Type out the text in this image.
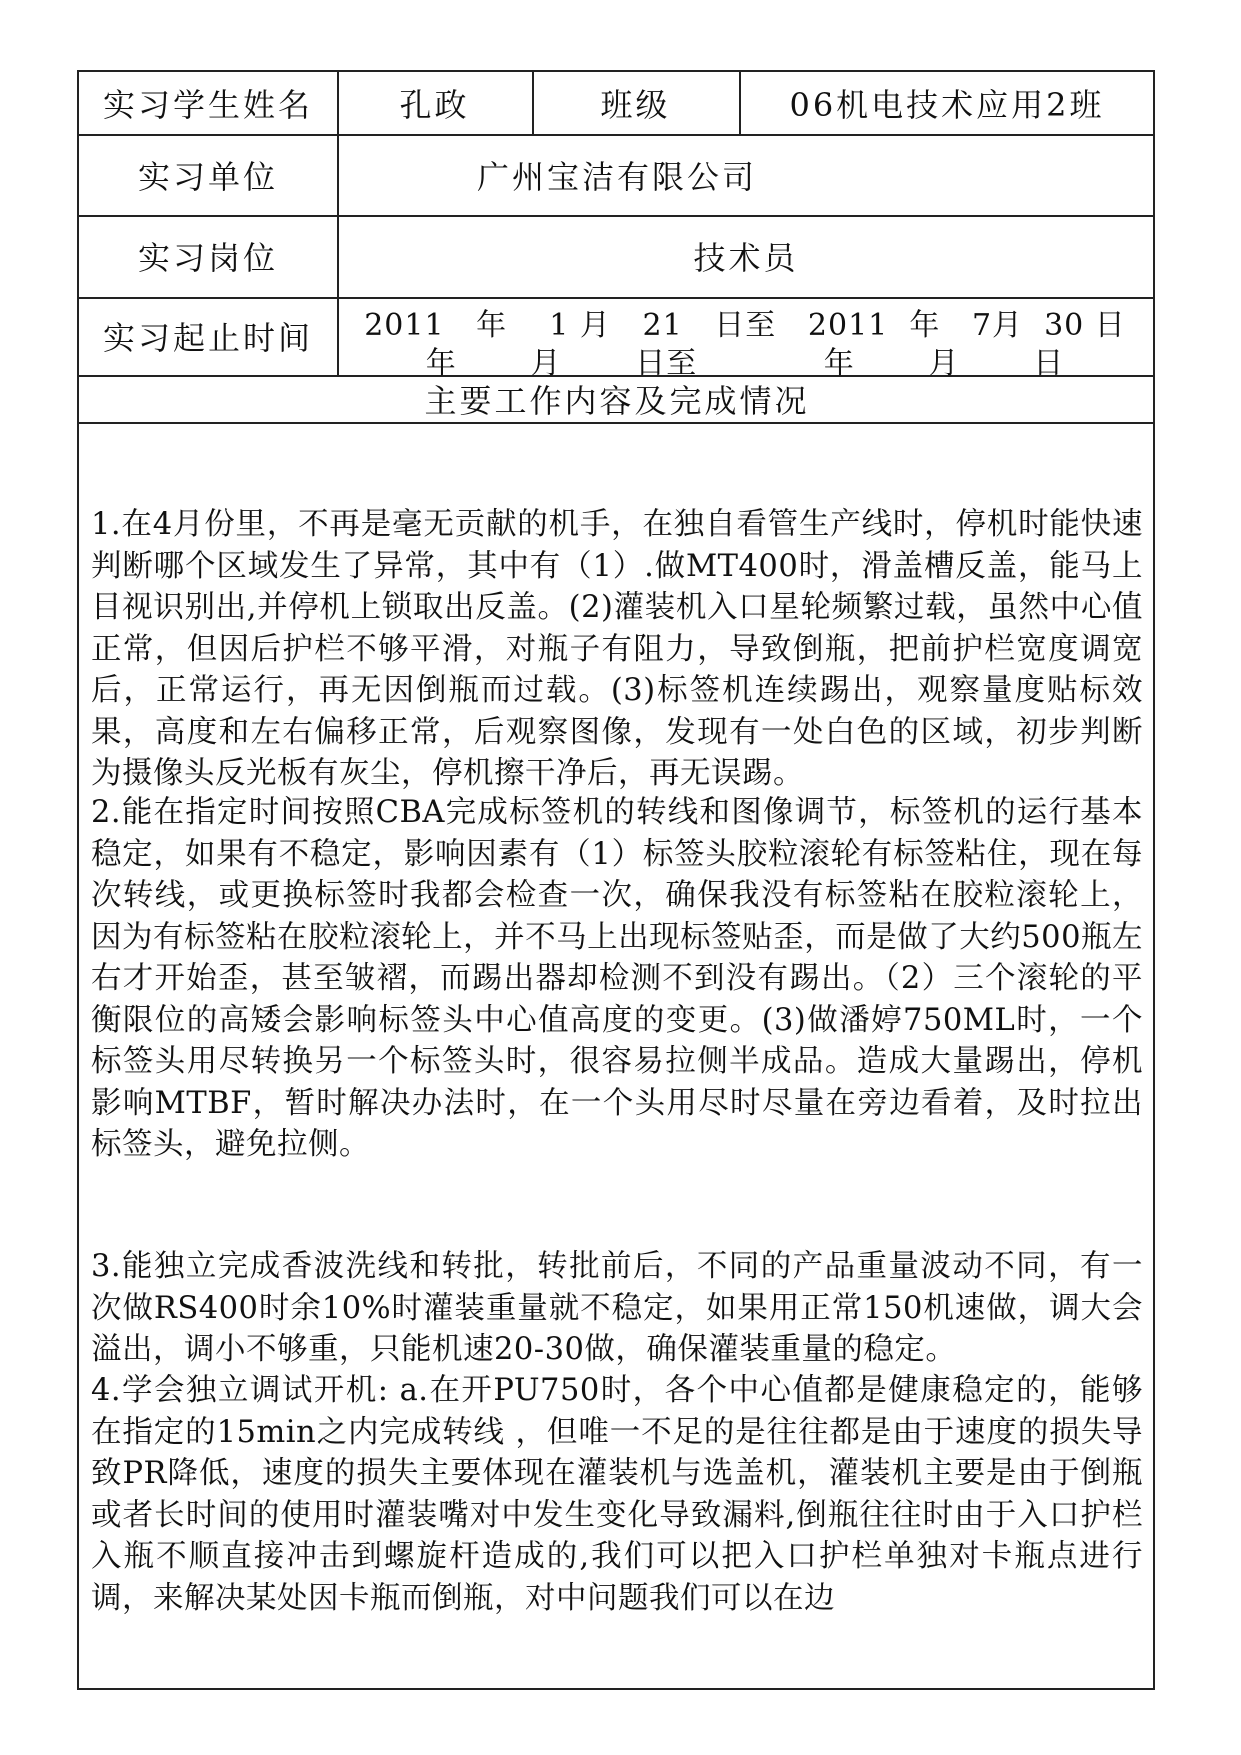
实习学生姓名	孔政	班级	06机电技术应用2班
实习单位	广州宝洁有限公司
实习岗位	技术员
实习起止时间	2011   年    1 月   21   日至   2011  年   7月  30 日
年       月       日至            年       月       日
主要工作内容及完成情况
1.在4月份里，不再是毫无贡献的机手，在独自看管生产线时，停机时能快速判断哪个区域发生了异常，其中有（1）.做MT400时，滑盖槽反盖，能马上目视识别出,并停机上锁取出反盖。(2)灌装机入口星轮频繁过载，虽然中心值正常，但因后护栏不够平滑，对瓶子有阻力，导致倒瓶，把前护栏宽度调宽后，正常运行，再无因倒瓶而过载。(3)标签机连续踢出，观察量度贴标效果，高度和左右偏移正常，后观察图像，发现有一处白色的区域，初步判断为摄像头反光板有灰尘，停机擦干净后，再无误踢。
2.能在指定时间按照CBA完成标签机的转线和图像调节，标签机的运行基本稳定，如果有不稳定，影响因素有（1）标签头胶粒滚轮有标签粘住，现在每次转线，或更换标签时我都会检查一次，确保我没有标签粘在胶粒滚轮上，因为有标签粘在胶粒滚轮上，并不马上出现标签贴歪，而是做了大约500瓶左右才开始歪，甚至皱褶，而踢出器却检测不到没有踢出。（2）三个滚轮的平衡限位的高矮会影响标签头中心值高度的变更。(3)做潘婷750ML时，一个标签头用尽转换另一个标签头时，很容易拉侧半成品。造成大量踢出，停机影响MTBF，暂时解决办法时，在一个头用尽时尽量在旁边看着，及时拉出标签头，避免拉侧。
3.能独立完成香波洗线和转批，转批前后，不同的产品重量波动不同，有一次做RS400时余10%时灌装重量就不稳定，如果用正常150机速做，调大会溢出，调小不够重，只能机速20-30做，确保灌装重量的稳定。
4.学会独立调试开机: a.在开PU750时，各个中心值都是健康稳定的，能够在指定的15min之内完成转线 ，但唯一不足的是往往都是由于速度的损失导致PR降低，速度的损失主要体现在灌装机与选盖机，灌装机主要是由于倒瓶或者长时间的使用时灌装嘴对中发生变化导致漏料,倒瓶往往时由于入口护栏入瓶不顺直接冲击到螺旋杆造成的,我们可以把入口护栏单独对卡瓶点进行调，来解决某处因卡瓶而倒瓶，对中问题我们可以在边
